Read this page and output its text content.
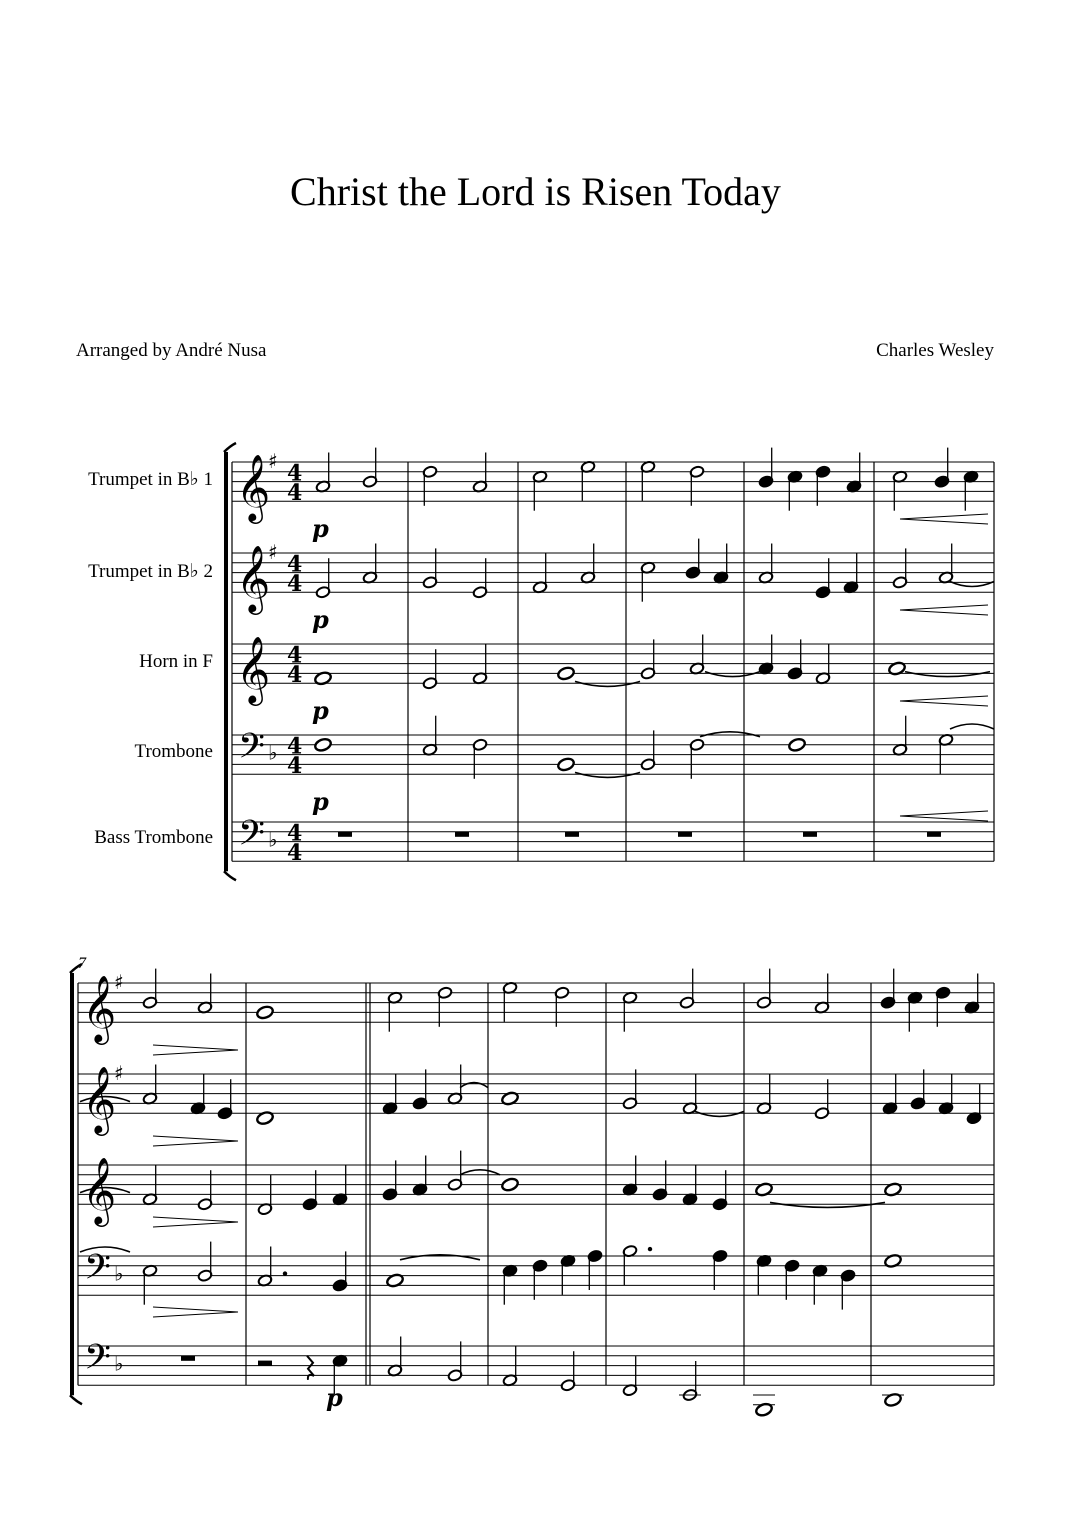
Christ the Lord is Risen Today
Arranged by André Nusa	Charles Wesley
Trumpet in B♭ 1
Trumpet in B♭ 2
Horn in F
Trombone
Bass Trombone
7
𝄞
𝄞
𝄞
𝄢
𝄢
♯
♯
♭
♭
4
4
4
4
4
4
4
4
4
4
p
p
p
p
𝄞
𝄞
𝄞
𝄢
𝄢
♯
♯
♭
♭
p
